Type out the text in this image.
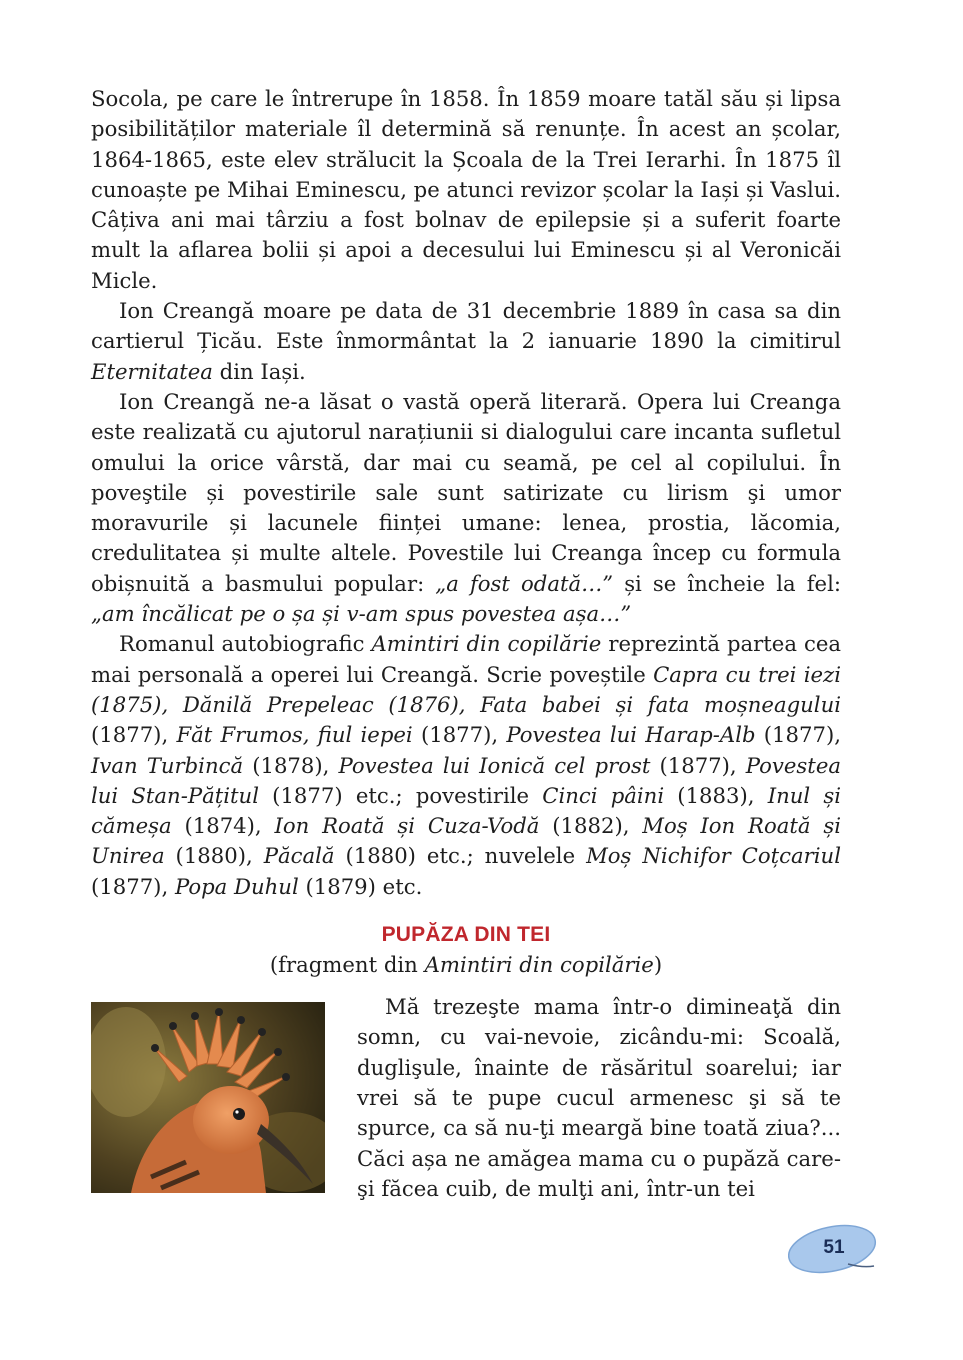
Socola, pe care le întrerupe în 1858. În 1859 moare tatăl său și lipsa posibilităților materiale îl determină să renunțe. În acest an școlar, 1864-1865, este elev strălucit la Școala de la Trei Ierarhi. În 1875 îl cunoaște pe Mihai Eminescu, pe atunci revizor școlar la Iași și Vaslui. Câțiva ani mai târziu a fost bolnav de epilepsie și a suferit foarte mult la aflarea bolii și apoi a decesului lui Eminescu și al Veronicăi Micle.

Ion Creangă moare pe data de 31 decembrie 1889 în casa sa din cartierul Țicău. Este înmormântat la 2 ianuarie 1890 la cimitirul Eternitatea din Iași.

Ion Creangă ne-a lăsat o vastă operă literară. Opera lui Creanga este realizată cu ajutorul narațiunii si dialogului care incanta sufletul omului la orice vârstă, dar mai cu seamă, pe cel al copilului. În poveştile și povestirile sale sunt satirizate cu lirism şi umor moravurile și lacunele ființei umane: lenea, prostia, lăcomia, credulitatea și multe altele. Povestile lui Creanga încep cu formula obișnuită a basmului popular: „a fost odată…” și se încheie la fel: „am încălicat pe o șa și v-am spus povestea așa…”

Romanul autobiografic Amintiri din copilărie reprezintă partea cea mai personală a operei lui Creangă. Scrie poveștile Capra cu trei iezi (1875), Dănilă Prepeleac (1876), Fata babei și fata moșneagului (1877), Făt Frumos, fiul iepei (1877), Povestea lui Harap-Alb (1877), Ivan Turbincă (1878), Povestea lui Ionică cel prost (1877), Povestea lui Stan-Pățitul (1877) etc.; povestirile Cinci pâini (1883), Inul și cămeșa (1874), Ion Roată și Cuza-Vodă (1882), Moș Ion Roată și Unirea (1880), Păcală (1880) etc.; nuvelele Moș Nichifor Coțcariul (1877), Popa Duhul (1879) etc.

PUPĂZA DIN TEI
(fragment din Amintiri din copilărie)

Mă trezeşte mama într-o dimineaţă din somn, cu vai-nevoie, zicându-mi: Scoală, duglişule, înainte de răsăritul soarelui; iar vrei să te pupe cucul armenesc şi să te spurce, ca să nu-ţi meargă bine toată ziua?... Căci așa ne amăgea mama cu o pupăză care-şi făcea cuib, de mulţi ani, într-un tei

51
